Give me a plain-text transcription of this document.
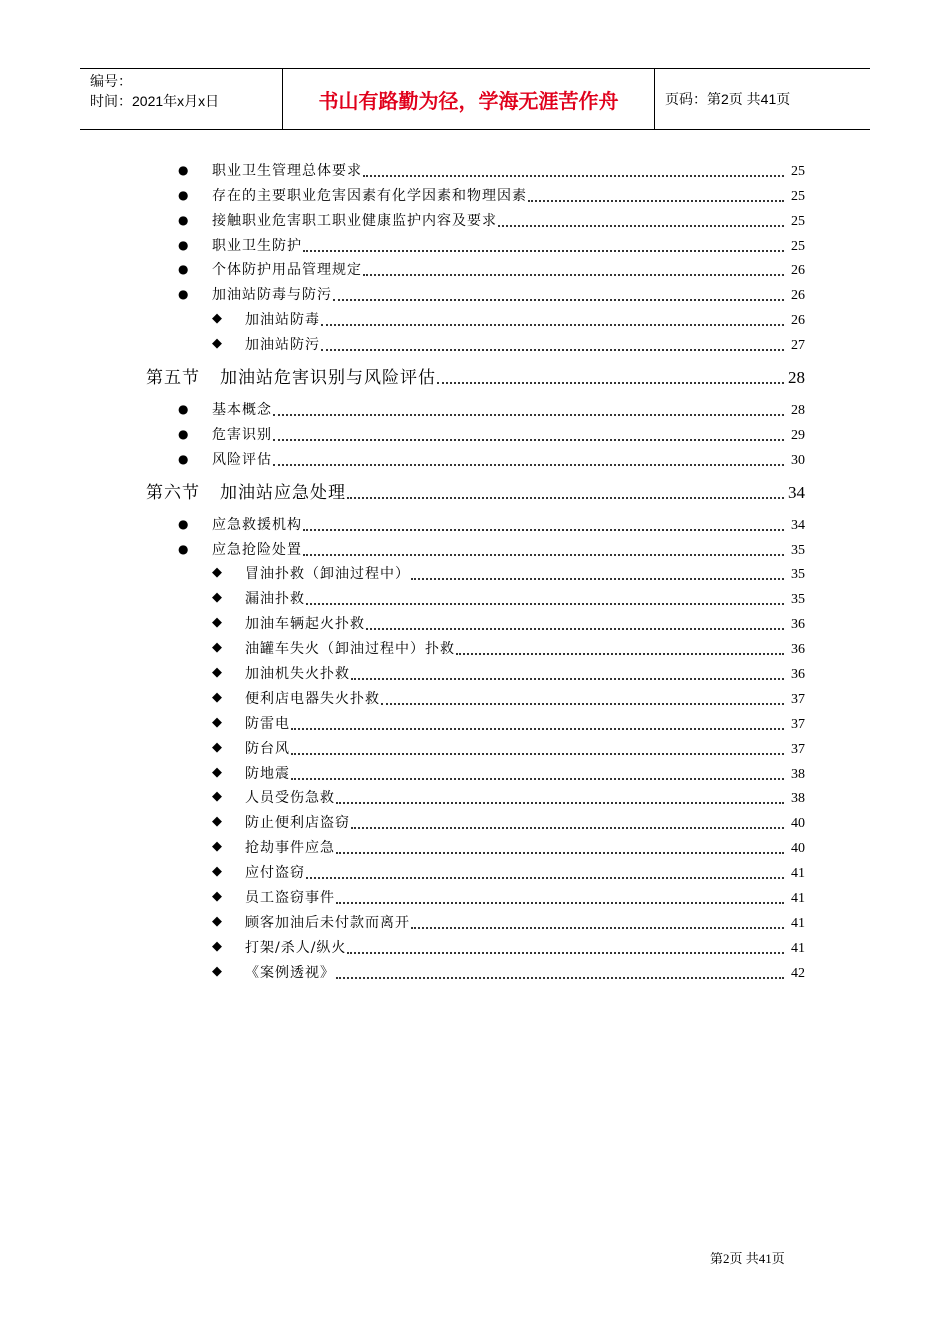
编号：
时间：2021年x月x日	书山有路勤为径，学海无涯苦作舟	页码：第2页 共41页
● 职业卫生管理总体要求	25
● 存在的主要职业危害因素有化学因素和物理因素	25
● 接触职业危害职工职业健康监护内容及要求	25
● 职业卫生防护	25
● 个体防护用品管理规定	26
● 加油站防毒与防污	26
◆ 加油站防毒	26
◆ 加油站防污	27
第五节 加油站危害识别与风险评估	28
● 基本概念	28
● 危害识别	29
● 风险评估	30
第六节 加油站应急处理	34
● 应急救援机构	34
● 应急抢险处置	35
◆ 冒油扑救（卸油过程中）	35
◆ 漏油扑救	35
◆ 加油车辆起火扑救	36
◆ 油罐车失火（卸油过程中）扑救	36
◆ 加油机失火扑救	36
◆ 便利店电器失火扑救	37
◆ 防雷电	37
◆ 防台风	37
◆ 防地震	38
◆ 人员受伤急救	38
◆ 防止便利店盗窃	40
◆ 抢劫事件应急	40
◆ 应付盗窃	41
◆ 员工盗窃事件	41
◆ 顾客加油后未付款而离开	41
◆ 打架/杀人/纵火	41
◆ 《案例透视》	42
第2页 共41页
